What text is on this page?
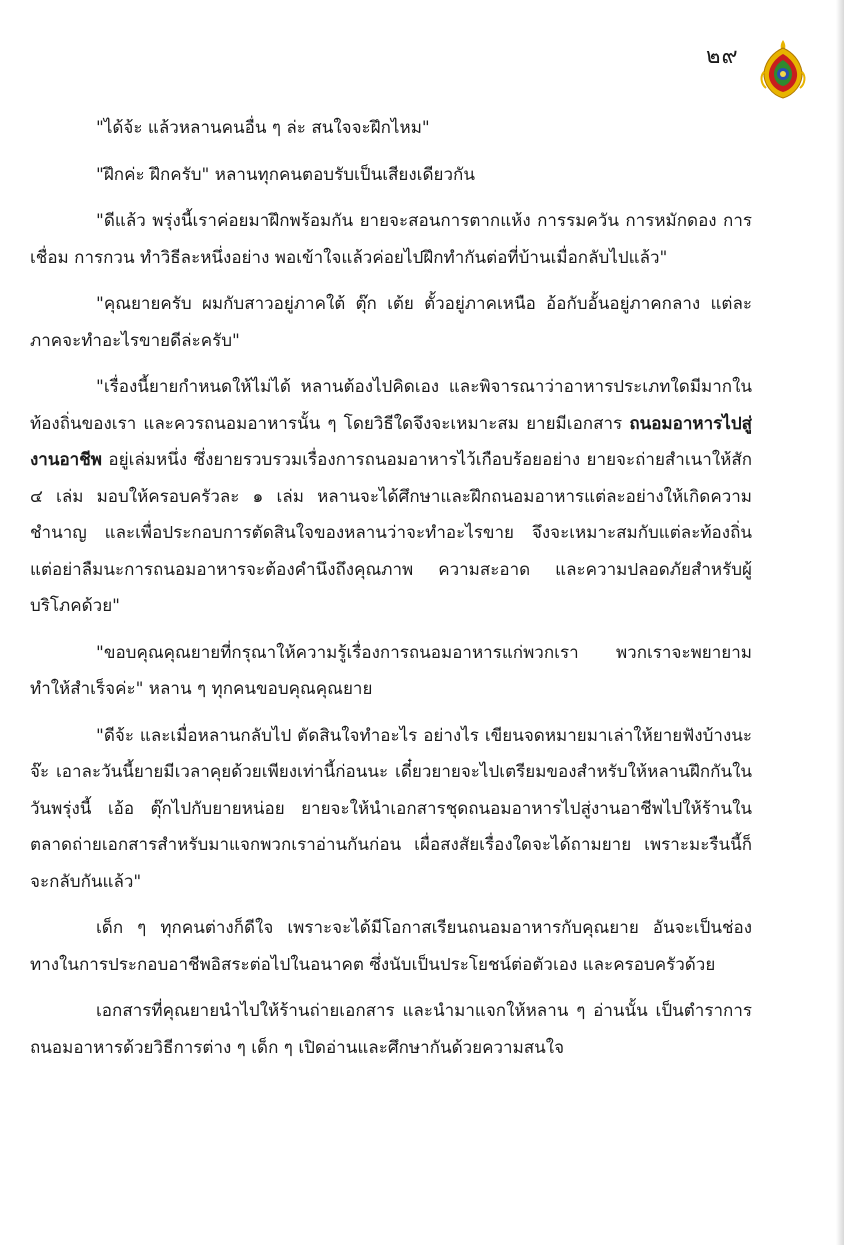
๒๙

"ได้จ้ะ แล้วหลานคนอื่น ๆ ล่ะ สนใจจะฝึกไหม"

"ฝึกค่ะ ฝึกครับ" หลานทุกคนตอบรับเป็นเสียงเดียวกัน

"ดีแล้ว พรุ่งนี้เราค่อยมาฝึกพร้อมกัน ยายจะสอนการตากแห้ง การรมควัน การหมักดอง การเชื่อม การกวน ทำวิธีละหนึ่งอย่าง พอเข้าใจแล้วค่อยไปฝึกทำกันต่อที่บ้านเมื่อกลับไปแล้ว"

"คุณยายครับ ผมกับสาวอยู่ภาคใต้ ตุ๊ก เต้ย ตั้วอยู่ภาคเหนือ อ้อกับอั้นอยู่ภาคกลาง แต่ละภาคจะทำอะไรขายดีล่ะครับ"

"เรื่องนี้ยายกำหนดให้ไม่ได้ หลานต้องไปคิดเอง และพิจารณาว่าอาหารประเภทใดมีมากในท้องถิ่นของเรา และควรถนอมอาหารนั้น ๆ โดยวิธีใดจึงจะเหมาะสม ยายมีเอกสาร ถนอมอาหารไปสู่งานอาชีพ อยู่เล่มหนึ่ง ซึ่งยายรวบรวมเรื่องการถนอมอาหารไว้เกือบร้อยอย่าง ยายจะถ่ายสำเนาให้สัก ๔ เล่ม มอบให้ครอบครัวละ ๑ เล่ม หลานจะได้ศึกษาและฝึกถนอมอาหารแต่ละอย่างให้เกิดความชำนาญ และเพื่อประกอบการตัดสินใจของหลานว่าจะทำอะไรขาย จึงจะเหมาะสมกับแต่ละท้องถิ่น แต่อย่าลืมนะการถนอมอาหารจะต้องคำนึงถึงคุณภาพ ความสะอาด และความปลอดภัยสำหรับผู้บริโภคด้วย"

"ขอบคุณคุณยายที่กรุณาให้ความรู้เรื่องการถนอมอาหารแก่พวกเรา พวกเราจะพยายามทำให้สำเร็จค่ะ" หลาน ๆ ทุกคนขอบคุณคุณยาย

"ดีจ้ะ และเมื่อหลานกลับไป ตัดสินใจทำอะไร อย่างไร เขียนจดหมายมาเล่าให้ยายฟังบ้างนะจ๊ะ เอาละวันนี้ยายมีเวลาคุยด้วยเพียงเท่านี้ก่อนนะ เดี๋ยวยายจะไปเตรียมของสำหรับให้หลานฝึกกันในวันพรุ่งนี้ เอ้อ ตุ๊กไปกับยายหน่อย ยายจะให้นำเอกสารชุดถนอมอาหารไปสู่งานอาชีพไปให้ร้านในตลาดถ่ายเอกสารสำหรับมาแจกพวกเราอ่านกันก่อน เผื่อสงสัยเรื่องใดจะได้ถามยาย เพราะมะรืนนี้ก็จะกลับกันแล้ว"

เด็ก ๆ ทุกคนต่างก็ดีใจ เพราะจะได้มีโอกาสเรียนถนอมอาหารกับคุณยาย อันจะเป็นช่องทางในการประกอบอาชีพอิสระต่อไปในอนาคต ซึ่งนับเป็นประโยชน์ต่อตัวเอง และครอบครัวด้วย

เอกสารที่คุณยายนำไปให้ร้านถ่ายเอกสาร และนำมาแจกให้หลาน ๆ อ่านนั้น เป็นตำราการถนอมอาหารด้วยวิธีการต่าง ๆ เด็ก ๆ เปิดอ่านและศึกษากันด้วยความสนใจ
